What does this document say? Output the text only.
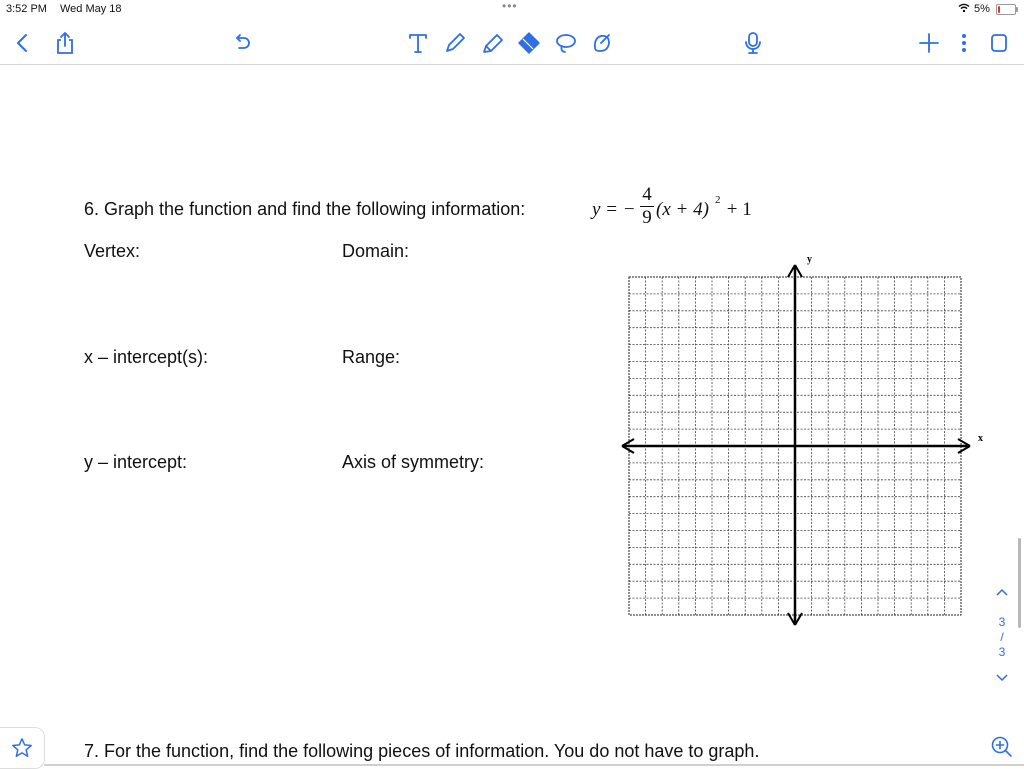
3:52 PM Wed May 18	•••	5%
6. Graph the function and find the following information:	y = −
4
9 (x + 4) 2 + 1
Vertex:	Domain:
x – intercept(s):	Range:
y – intercept:	Axis of symmetry:
x
y
7. For the function, find the following pieces of information. You do not have to graph.
3
/
3
